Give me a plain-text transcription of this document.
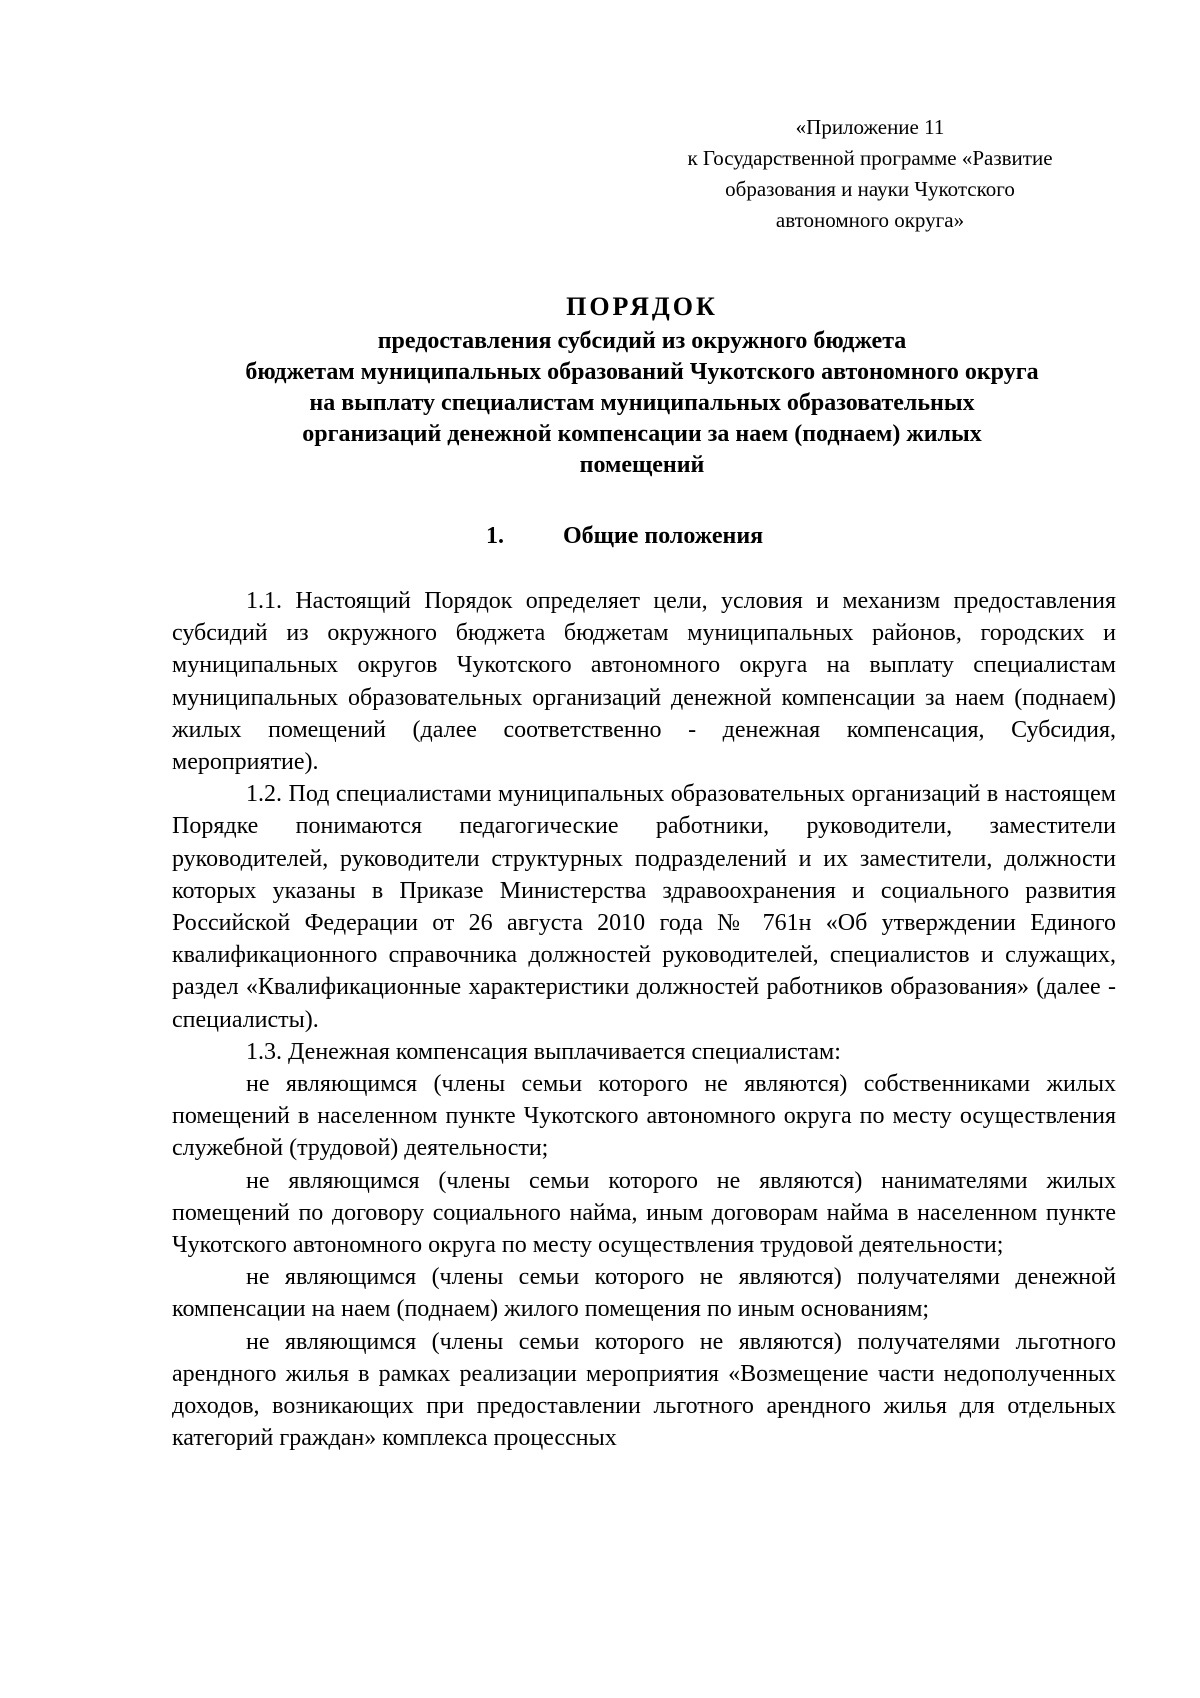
«Приложение 11
к Государственной программе «Развитие
образования и науки Чукотского
автономного округа»
ПОРЯДОК
предоставления субсидий из окружного бюджета
бюджетам муниципальных образований Чукотского автономного округа
на выплату специалистам муниципальных образовательных
организаций денежной компенсации за наем (поднаем) жилых
помещений
1. Общие положения

1.1. Настоящий Порядок определяет цели, условия и механизм предоставления субсидий из окружного бюджета бюджетам муниципальных районов, городских и муниципальных округов Чукотского автономного округа на выплату специалистам муниципальных образовательных организаций денежной компенсации за наем (поднаем) жилых помещений (далее соответственно - денежная компенсация, Субсидия, мероприятие).

1.2. Под специалистами муниципальных образовательных организаций в настоящем Порядке понимаются педагогические работники, руководители, заместители руководителей, руководители структурных подразделений и их заместители, должности которых указаны в Приказе Министерства здравоохранения и социального развития Российской Федерации от 26 августа 2010 года № 761н «Об утверждении Единого квалификационного справочника должностей руководителей, специалистов и служащих, раздел «Квалификационные характеристики должностей работников образования» (далее - специалисты).

1.3. Денежная компенсация выплачивается специалистам:

не являющимся (члены семьи которого не являются) собственниками жилых помещений в населенном пункте Чукотского автономного округа по месту осуществления служебной (трудовой) деятельности;

не являющимся (члены семьи которого не являются) нанимателями жилых помещений по договору социального найма, иным договорам найма в населенном пункте Чукотского автономного округа по месту осуществления трудовой деятельности;

не являющимся (члены семьи которого не являются) получателями денежной компенсации на наем (поднаем) жилого помещения по иным основаниям;

не являющимся (члены семьи которого не являются) получателями льготного арендного жилья в рамках реализации мероприятия «Возмещение части недополученных доходов, возникающих при предоставлении льготного арендного жилья для отдельных категорий граждан» комплекса процессных
